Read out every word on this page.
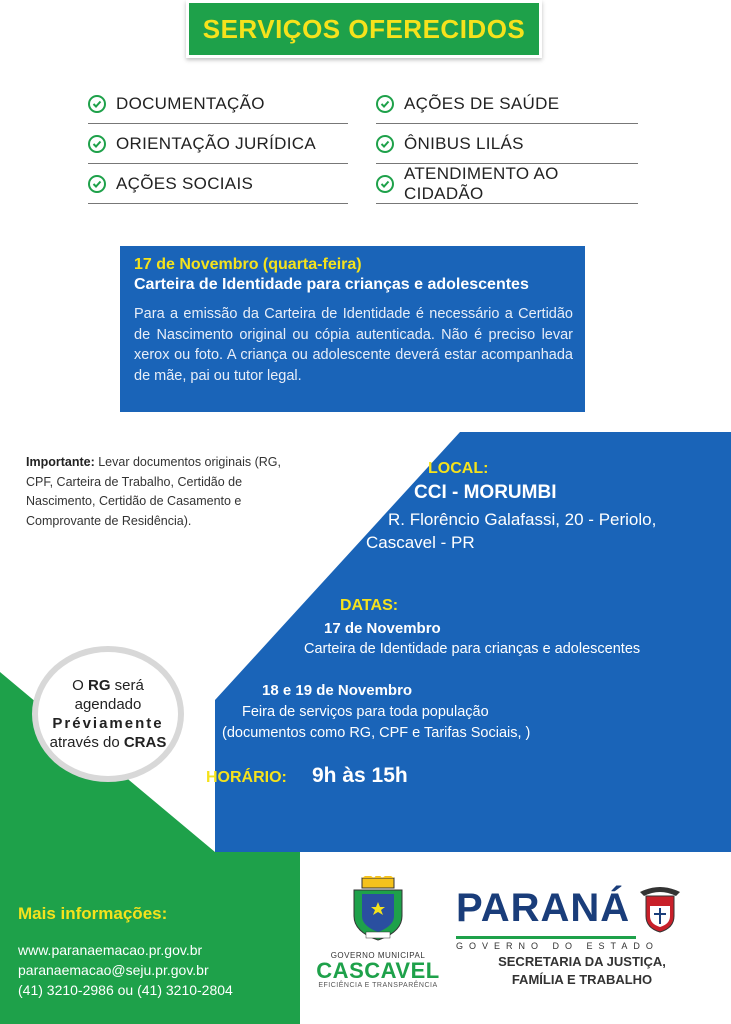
SERVIÇOS OFERECIDOS
DOCUMENTAÇÃO
ORIENTAÇÃO JURÍDICA
AÇÕES SOCIAIS
AÇÕES DE SAÚDE
ÔNIBUS LILÁS
ATENDIMENTO AO CIDADÃO
17 de Novembro (quarta-feira)
Carteira de Identidade para crianças e adolescentes
Para a emissão da Carteira de Identidade é necessário a Certidão de Nascimento original ou cópia autenticada. Não é preciso levar xerox ou foto. A criança ou adolescente deverá estar acompanhada de mãe, pai ou tutor legal.
Importante: Levar documentos originais (RG, CPF, Carteira de Trabalho, Certidão de Nascimento, Certidão de Casamento e Comprovante de Residência).
LOCAL:
CCI - MORUMBI
R. Florêncio Galafassi, 20 - Periolo,
Cascavel - PR
DATAS:
17 de Novembro
Carteira de Identidade para crianças e adolescentes
18 e 19 de Novembro
Feira de serviços para toda população
(documentos como RG, CPF e Tarifas Sociais, )
HORÁRIO: 9h às 15h
O RG será
agendado
Préviamente
através do CRAS
Mais informações:
www.paranaemacao.pr.gov.br
paranaemacao@seju.pr.gov.br
(41) 3210-2986 ou (41) 3210-2804
GOVERNO MUNICIPAL
CASCAVEL
EFICIÊNCIA E TRANSPARÊNCIA
PARANÁ
GOVERNO DO ESTADO
SECRETARIA DA JUSTIÇA,
FAMÍLIA E TRABALHO
